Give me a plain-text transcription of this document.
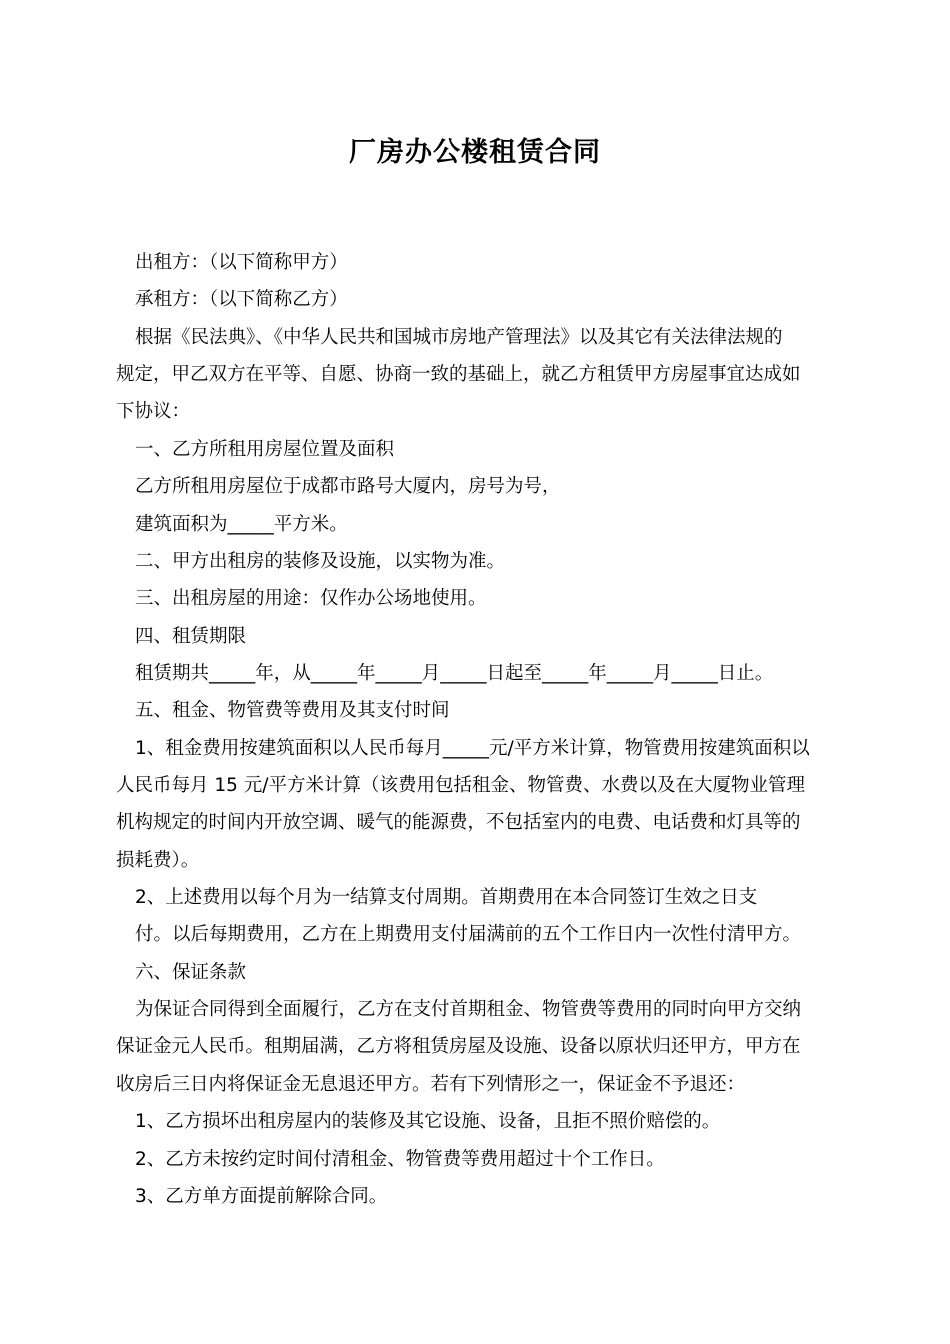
厂房办公楼租赁合同

出租方：（以下简称甲方）

承租方：（以下简称乙方）

根据《民法典》、《中华人民共和国城市房地产管理法》以及其它有关法律法规的

规定，甲乙双方在平等、自愿、协商一致的基础上，就乙方租赁甲方房屋事宜达成如

下协议：

一、乙方所租用房屋位置及面积

乙方所租用房屋位于成都市路号大厦内，房号为号，

建筑面积为_____平方米。

二、甲方出租房的装修及设施，以实物为准。

三、出租房屋的用途：仅作办公场地使用。

四、租赁期限

租赁期共_____年，从_____年_____月_____日起至_____年_____月_____日止。

五、租金、物管费等费用及其支付时间

1、租金费用按建筑面积以人民币每月_____元/平方米计算，物管费用按建筑面积以

人民币每月 15 元/平方米计算（该费用包括租金、物管费、水费以及在大厦物业管理

机构规定的时间内开放空调、暖气的能源费，不包括室内的电费、电话费和灯具等的

损耗费）。

2、上述费用以每个月为一结算支付周期。首期费用在本合同签订生效之日支

付。以后每期费用，乙方在上期费用支付届满前的五个工作日内一次性付清甲方。

六、保证条款

为保证合同得到全面履行，乙方在支付首期租金、物管费等费用的同时向甲方交纳

保证金元人民币。租期届满，乙方将租赁房屋及设施、设备以原状归还甲方，甲方在

收房后三日内将保证金无息退还甲方。若有下列情形之一，保证金不予退还：

1、乙方损坏出租房屋内的装修及其它设施、设备，且拒不照价赔偿的。

2、乙方未按约定时间付清租金、物管费等费用超过十个工作日。

3、乙方单方面提前解除合同。
